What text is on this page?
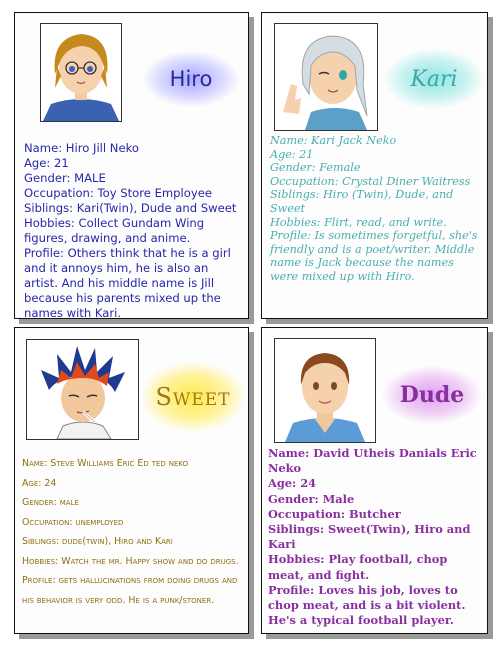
Hiro
Name: Hiro Jill Neko
Age: 21
Gender: MALE
Occupation: Toy Store Employee
Siblings: Kari(Twin), Dude and Sweet
Hobbies: Collect Gundam Wing figures, drawing, and anime.
Profile: Others think that he is a girl and it annoys him, he is also an artist. And his middle name is Jill because his parents mixed up the names with Kari.
Kari
Name: Kari Jack Neko
Age: 21
Gender: Female
Occupation: Crystal Diner Waitress
Siblings: Hiro (Twin), Dude, and Sweet
Hobbies: Flirt, read, and write.
Profile: Is sometimes forgetful, she's friendly and is a poet/writer. Middle name is Jack because the names were mixed up with Hiro.
Sweet
Name: Steve Williams Eric Ed ted neko
Age: 24
Gender: male
Occupation: unemployed
Siblings: dude(twin), Hiro and Kari
Hobbies: Watch the mr. Happy show and do drugs.
Profile: gets hallucinations from doing drugs and his behavior is very odd. He is a punk/stoner.
Dude
Name: David Utheis Danials Eric Neko
Age: 24
Gender: Male
Occupation: Butcher
Siblings: Sweet(Twin), Hiro and Kari
Hobbies: Play football, chop meat, and fight.
Profile: Loves his job, loves to chop meat, and is a bit violent. He's a typical football player.
